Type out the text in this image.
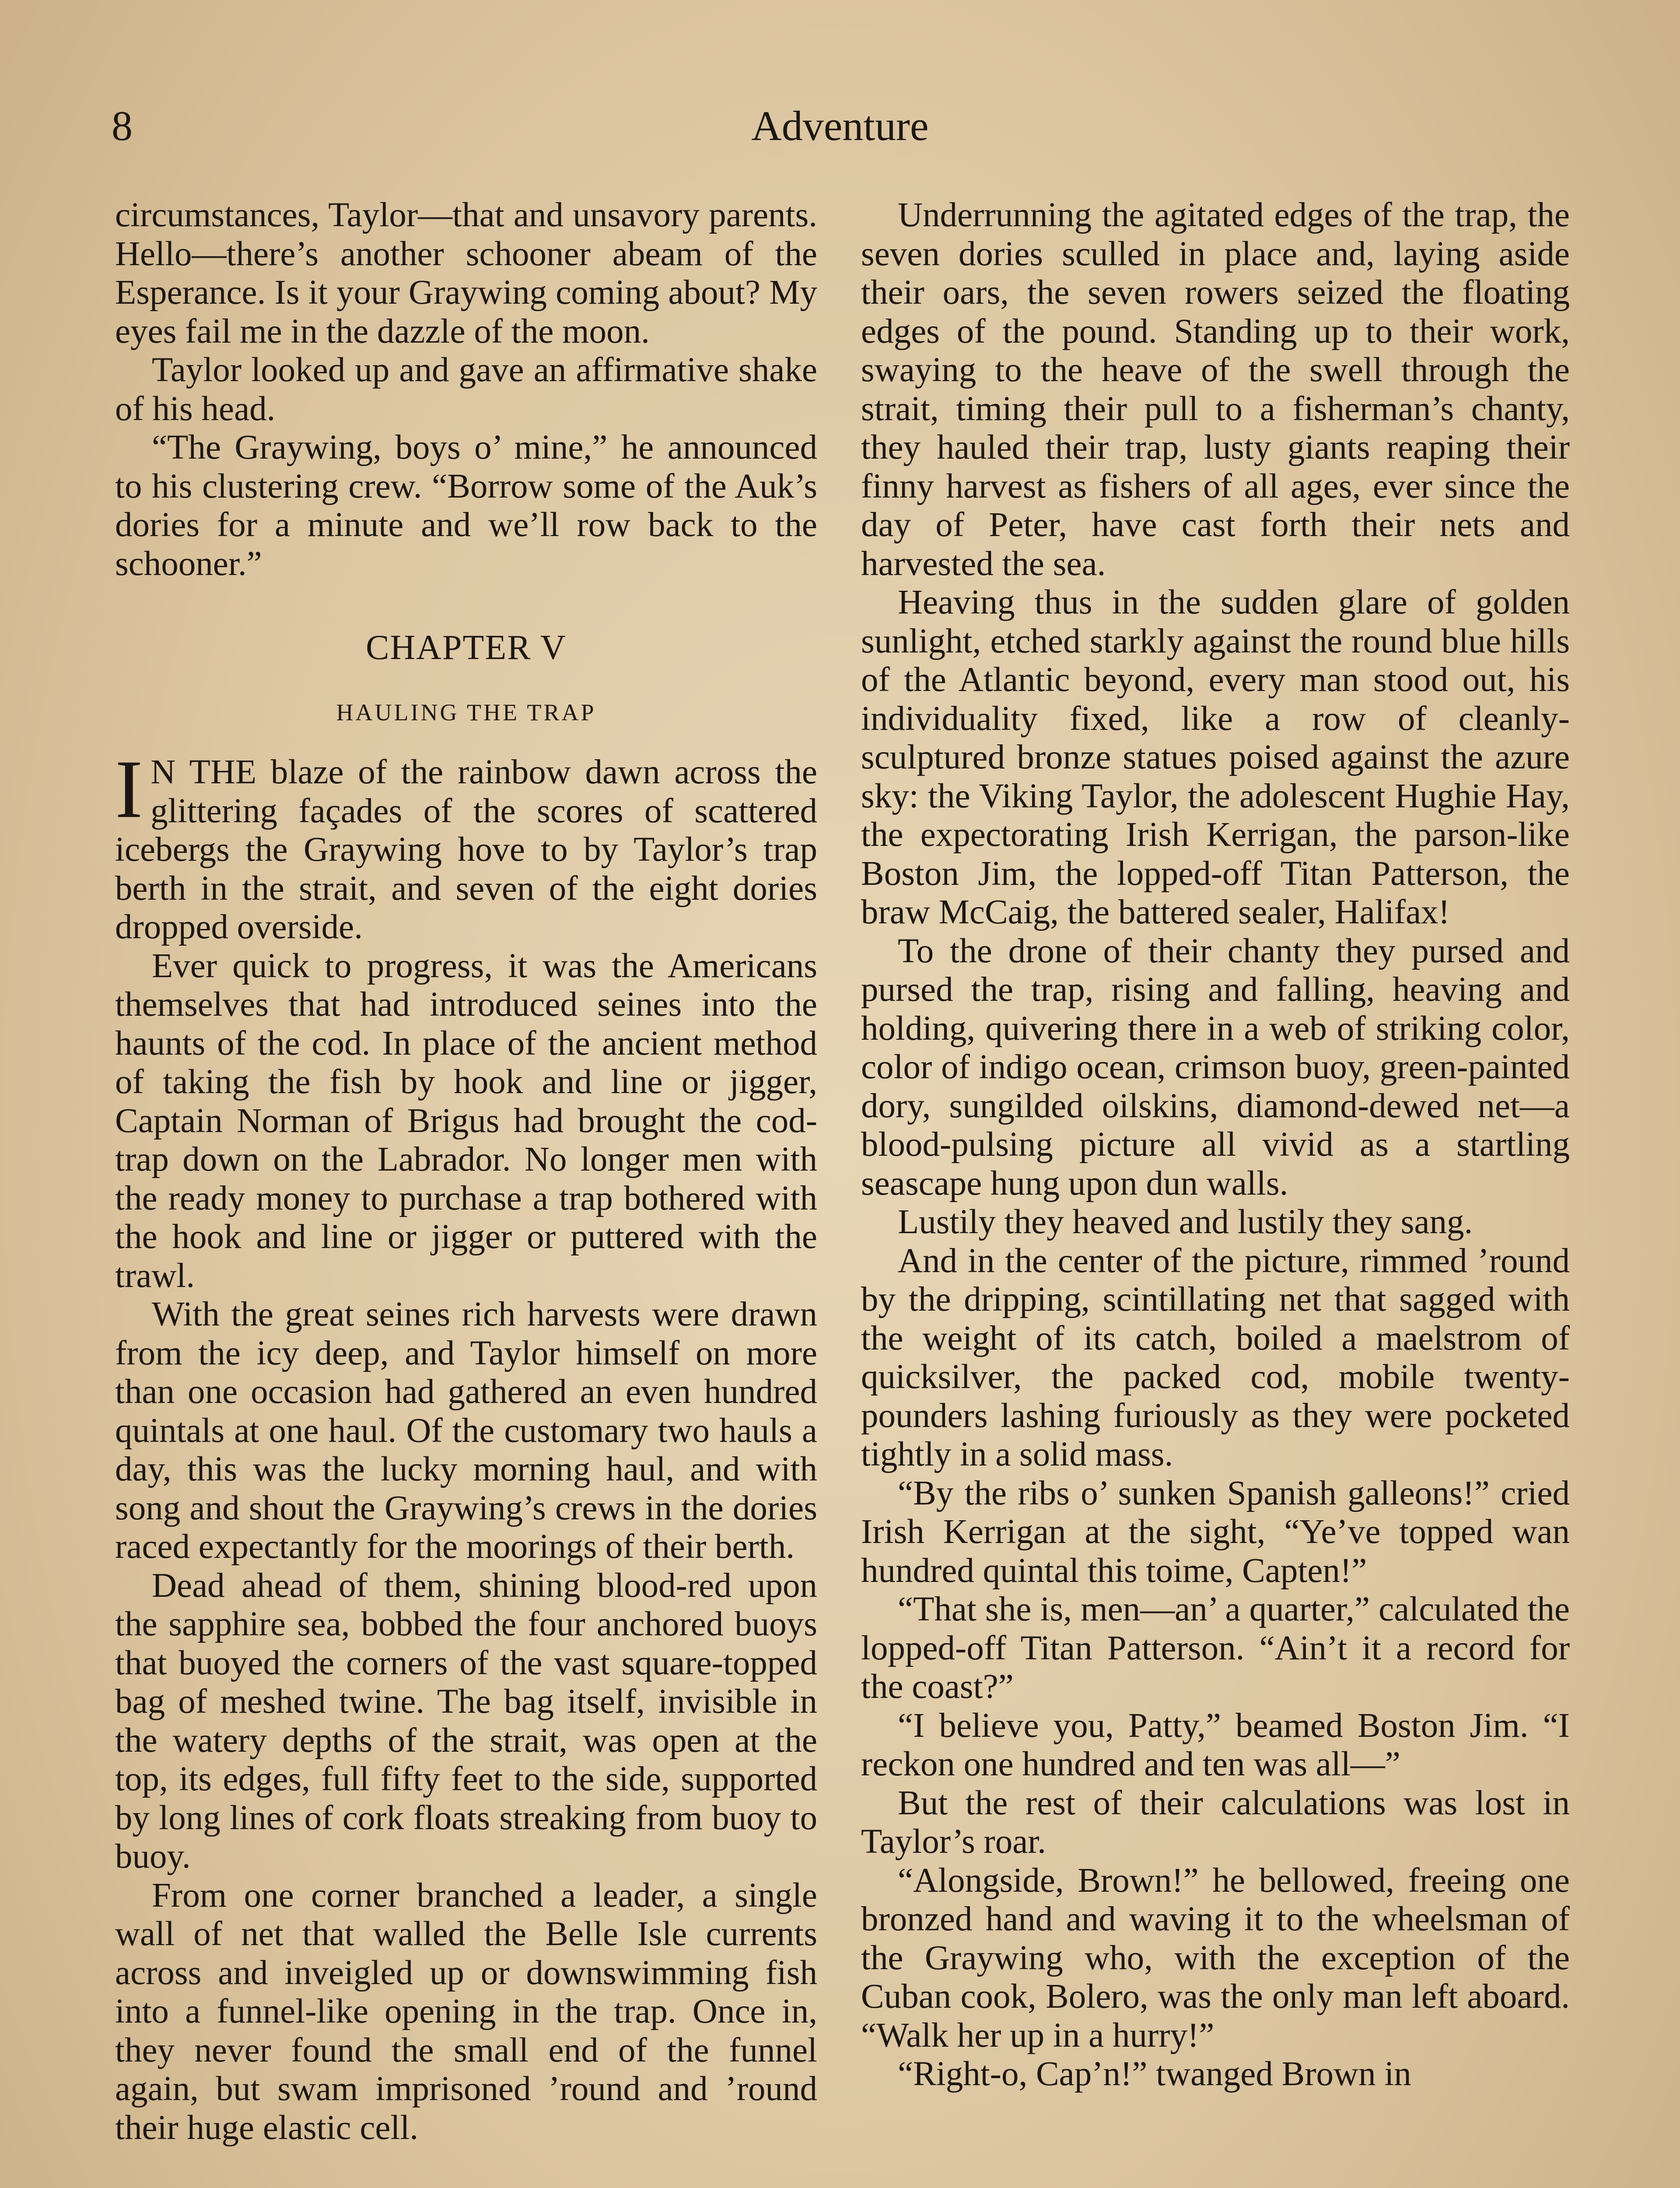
8	Adventure

circumstances, Taylor—that and unsavory parents. Hello—there’s another schooner abeam of the Esperance. Is it your Graywing coming about? My eyes fail me in the dazzle of the moon.

Taylor looked up and gave an affirmative shake of his head.

“The Graywing, boys o’ mine,” he announced to his clustering crew. “Borrow some of the Auk’s dories for a minute and we’ll row back to the schooner.”

CHAPTER V
HAULING THE TRAP

I N THE blaze of the rainbow dawn across the glittering façades of the scores of scattered icebergs the Graywing hove to by Taylor’s trap berth in the strait, and seven of the eight dories dropped overside.

Ever quick to progress, it was the Americans themselves that had introduced seines into the haunts of the cod. In place of the ancient method of taking the fish by hook and line or jigger, Captain Norman of Brigus had brought the cod-trap down on the Labrador. No longer men with the ready money to purchase a trap bothered with the hook and line or jigger or puttered with the trawl.

With the great seines rich harvests were drawn from the icy deep, and Taylor himself on more than one occasion had gathered an even hundred quintals at one haul. Of the customary two hauls a day, this was the lucky morning haul, and with song and shout the Graywing’s crews in the dories raced expectantly for the moorings of their berth.

Dead ahead of them, shining blood-red upon the sapphire sea, bobbed the four anchored buoys that buoyed the corners of the vast square-topped bag of meshed twine. The bag itself, invisible in the watery depths of the strait, was open at the top, its edges, full fifty feet to the side, supported by long lines of cork floats streaking from buoy to buoy.

From one corner branched a leader, a single wall of net that walled the Belle Isle currents across and inveigled up or downswimming fish into a funnel-like opening in the trap. Once in, they never found the small end of the funnel again, but swam imprisoned ’round and ’round their huge elastic cell.

Underrunning the agitated edges of the trap, the seven dories sculled in place and, laying aside their oars, the seven rowers seized the floating edges of the pound. Standing up to their work, swaying to the heave of the swell through the strait, timing their pull to a fisherman’s chanty, they hauled their trap, lusty giants reaping their finny harvest as fishers of all ages, ever since the day of Peter, have cast forth their nets and harvested the sea.

Heaving thus in the sudden glare of golden sunlight, etched starkly against the round blue hills of the Atlantic beyond, every man stood out, his individuality fixed, like a row of cleanly-sculptured bronze statues poised against the azure sky: the Viking Taylor, the adolescent Hughie Hay, the expectorating Irish Kerrigan, the parson-like Boston Jim, the lopped-off Titan Patterson, the braw McCaig, the battered sealer, Halifax!

To the drone of their chanty they pursed and pursed the trap, rising and falling, heaving and holding, quivering there in a web of striking color, color of indigo ocean, crimson buoy, green-painted dory, sungilded oilskins, diamond-dewed net—a blood-pulsing picture all vivid as a startling seascape hung upon dun walls.

Lustily they heaved and lustily they sang.

And in the center of the picture, rimmed ’round by the dripping, scintillating net that sagged with the weight of its catch, boiled a maelstrom of quicksilver, the packed cod, mobile twenty-pounders lashing furiously as they were pocketed tightly in a solid mass.

“By the ribs o’ sunken Spanish galleons!” cried Irish Kerrigan at the sight, “Ye’ve topped wan hundred quintal this toime, Capten!”

“That she is, men—an’ a quarter,” calculated the lopped-off Titan Patterson. “Ain’t it a record for the coast?”

“I believe you, Patty,” beamed Boston Jim. “I reckon one hundred and ten was all—”

But the rest of their calculations was lost in Taylor’s roar.

“Alongside, Brown!” he bellowed, freeing one bronzed hand and waving it to the wheelsman of the Graywing who, with the exception of the Cuban cook, Bolero, was the only man left aboard. “Walk her up in a hurry!”

“Right-o, Cap’n!” twanged Brown in
